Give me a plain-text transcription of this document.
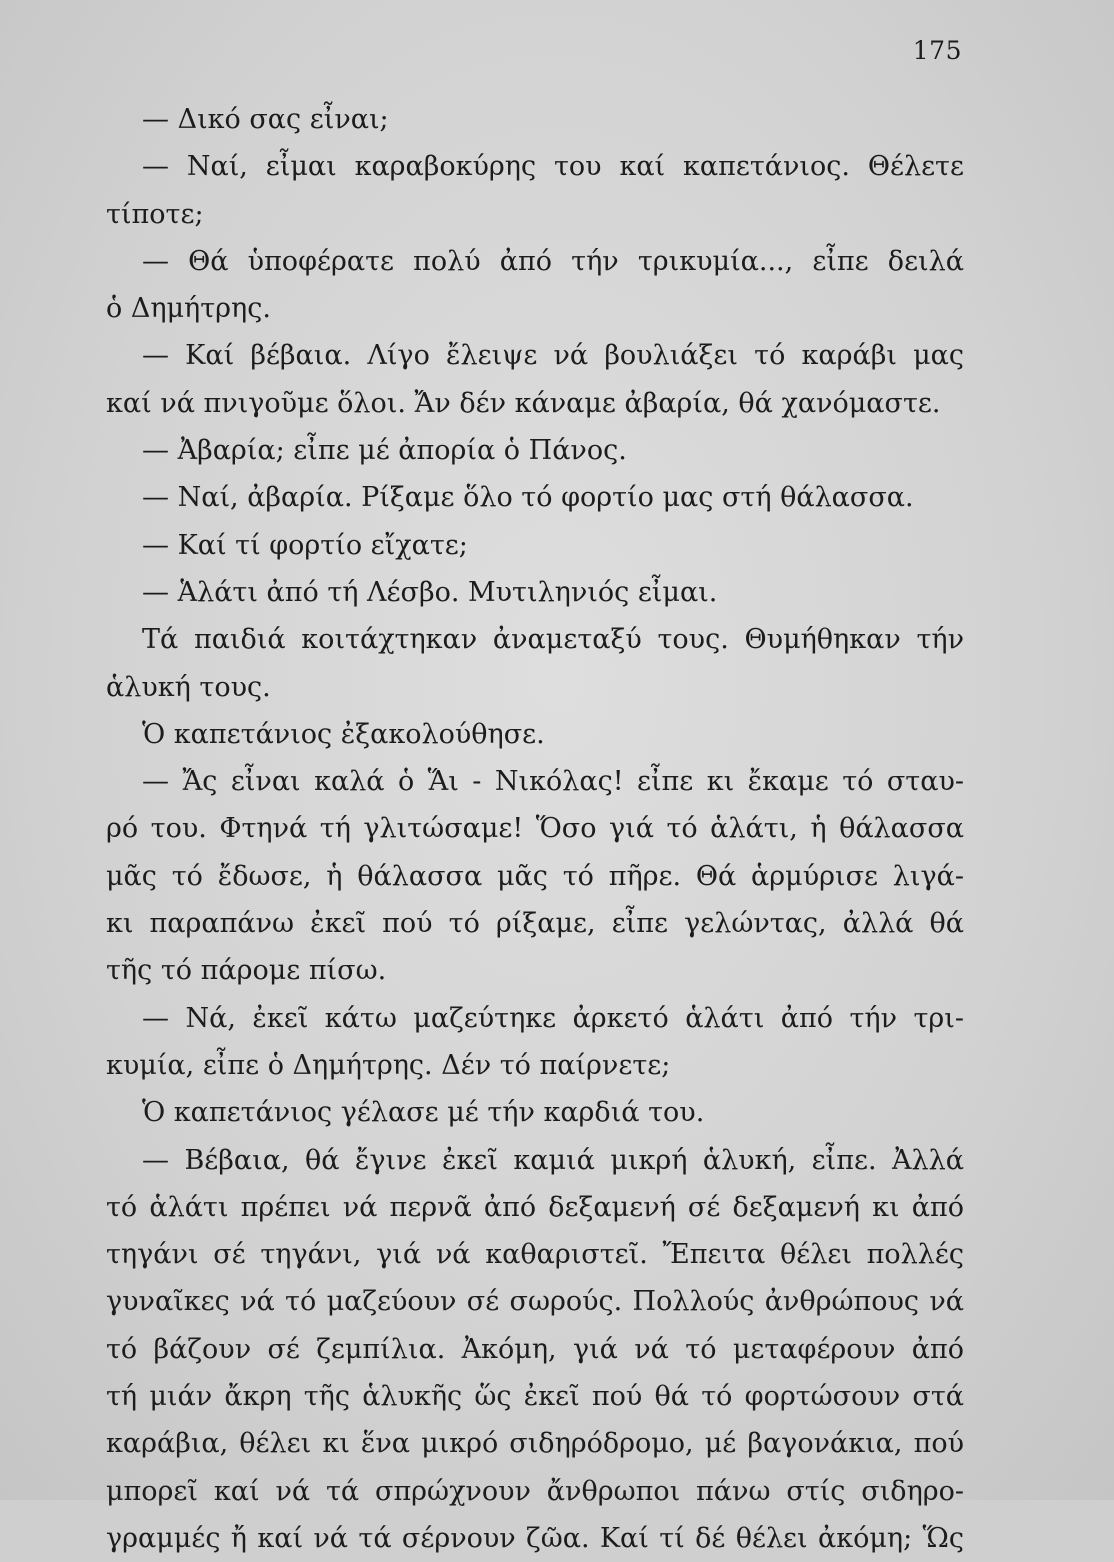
175
— Δικό σας εἶναι;
— Ναί, εἶμαι καραβοκύρης του καί καπετάνιος. Θέλετε
τίποτε;
— Θά ὑποφέρατε πολύ ἀπό τήν τρικυμία..., εἶπε δειλά
ὁ Δημήτρης.
— Καί βέβαια. Λίγο ἔλειψε νά βουλιάξει τό καράβι μας
καί νά πνιγοῦμε ὅλοι. Ἄν δέν κάναμε ἀβαρία, θά χανόμαστε.
— Ἀβαρία; εἶπε μέ ἀπορία ὁ Πάνος.
— Ναί, ἀβαρία. Ρίξαμε ὅλο τό φορτίο μας στή θάλασσα.
— Καί τί φορτίο εἴχατε;
— Ἁλάτι ἀπό τή Λέσβο. Μυτιληνιός εἶμαι.
Τά παιδιά κοιτάχτηκαν ἀναμεταξύ τους. Θυμήθηκαν τήν
ἁλυκή τους.
Ὁ καπετάνιος ἐξακολούθησε.
— Ἄς εἶναι καλά ὁ Ἅι - Νικόλας! εἶπε κι ἔκαμε τό σταυ-
ρό του. Φτηνά τή γλιτώσαμε! Ὅσο γιά τό ἁλάτι, ἡ θάλασσα
μᾶς τό ἔδωσε, ἡ θάλασσα μᾶς τό πῆρε. Θά ἁρμύρισε λιγά-
κι παραπάνω ἐκεῖ πού τό ρίξαμε, εἶπε γελώντας, ἀλλά θά
τῆς τό πάρομε πίσω.
— Νά, ἐκεῖ κάτω μαζεύτηκε ἀρκετό ἁλάτι ἀπό τήν τρι-
κυμία, εἶπε ὁ Δημήτρης. Δέν τό παίρνετε;
Ὁ καπετάνιος γέλασε μέ τήν καρδιά του.
— Βέβαια, θά ἔγινε ἐκεῖ καμιά μικρή ἁλυκή, εἶπε. Ἀλλά
τό ἁλάτι πρέπει νά περνᾶ ἀπό δεξαμενή σέ δεξαμενή κι ἀπό
τηγάνι σέ τηγάνι, γιά νά καθαριστεῖ. Ἔπειτα θέλει πολλές
γυναῖκες νά τό μαζεύουν σέ σωρούς. Πολλούς ἀνθρώπους νά
τό βάζουν σέ ζεμπίλια. Ἀκόμη, γιά νά τό μεταφέρουν ἀπό
τή μιάν ἄκρη τῆς ἁλυκῆς ὥς ἐκεῖ πού θά τό φορτώσουν στά
καράβια, θέλει κι ἕνα μικρό σιδηρόδρομο, μέ βαγονάκια, πού
μπορεῖ καί νά τά σπρώχνουν ἄνθρωποι πάνω στίς σιδηρο-
γραμμές ἤ καί νά τά σέρνουν ζῶα. Καί τί δέ θέλει ἀκόμη; Ὥς
